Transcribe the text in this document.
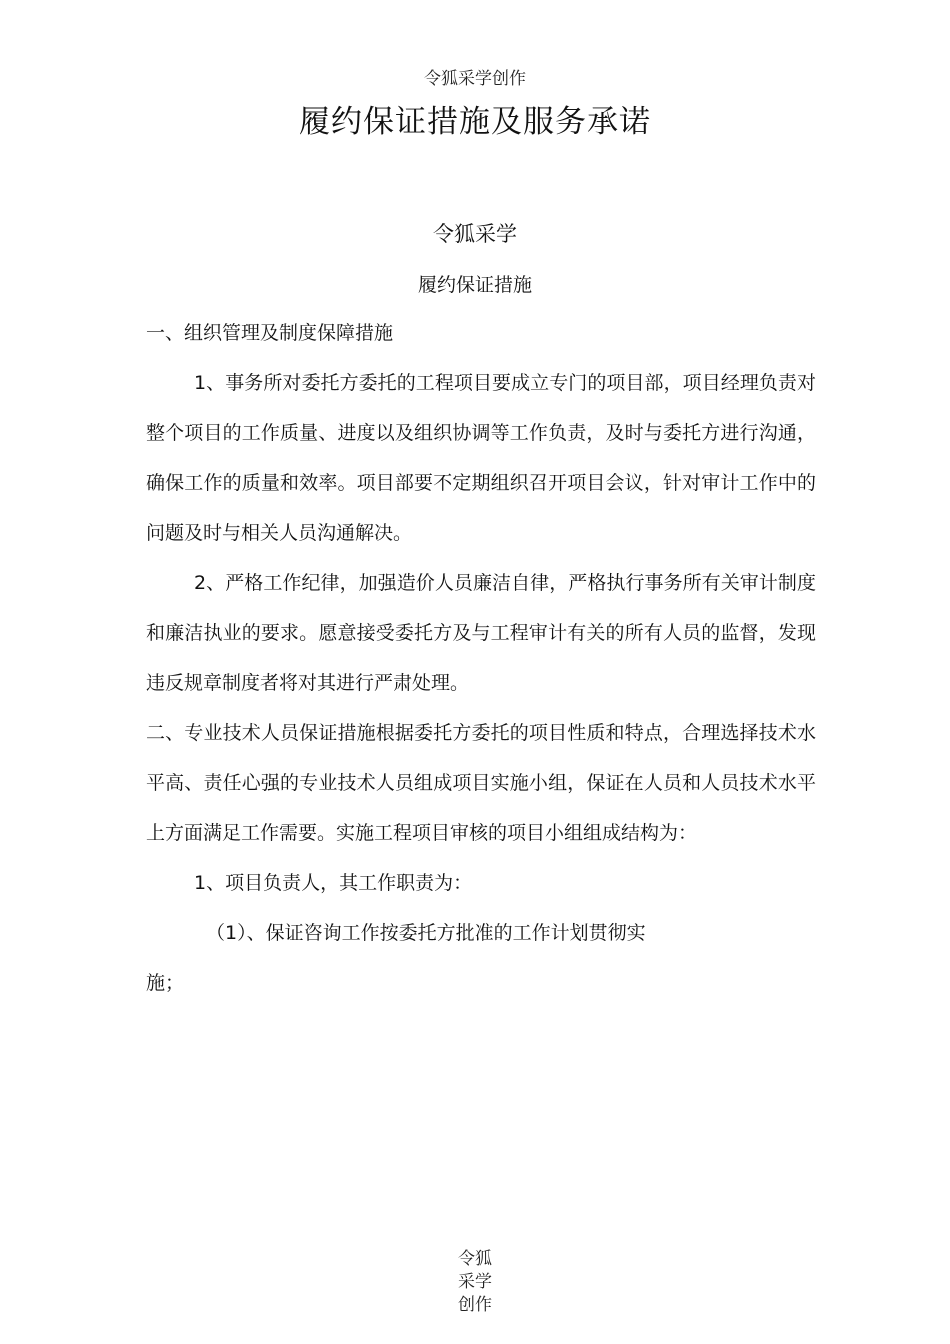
令狐采学创作
履约保证措施及服务承诺
令狐采学
履约保证措施

一、组织管理及制度保障措施

1、事务所对委托方委托的工程项目要成立专门的项目部，项目经理负责对整个项目的工作质量、进度以及组织协调等工作负责，及时与委托方进行沟通，确保工作的质量和效率。项目部要不定期组织召开项目会议，针对审计工作中的问题及时与相关人员沟通解决。

2、严格工作纪律，加强造价人员廉洁自律，严格执行事务所有关审计制度和廉洁执业的要求。愿意接受委托方及与工程审计有关的所有人员的监督，发现违反规章制度者将对其进行严肃处理。

二、专业技术人员保证措施根据委托方委托的项目性质和特点，合理选择技术水平高、责任心强的专业技术人员组成项目实施小组，保证在人员和人员技术水平上方面满足工作需要。实施工程项目审核的项目小组组成结构为：

1、项目负责人，其工作职责为：

（1）、保证咨询工作按委托方批准的工作计划贯彻实

施；

令狐
采学
创作
